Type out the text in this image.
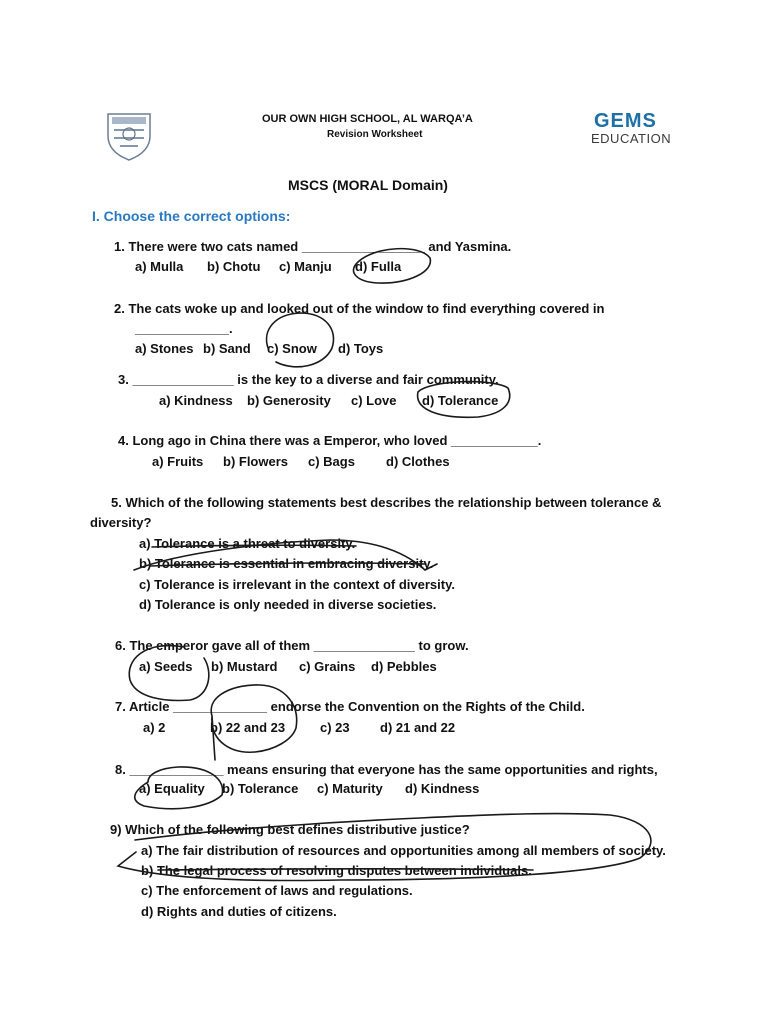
OUR OWN HIGH SCHOOL, AL WARQA’A
Revision Worksheet
GEMS
EDUCATION
MSCS (MORAL Domain)
I. Choose the correct options:
1. There were two cats named _________________ and Yasmina.
a) Mulla b) Chotu c) Manju d) Fulla
2. The cats woke up and looked out of the window to find everything covered in
_____________.
a) Stones b) Sand c) Snow d) Toys
3. ______________ is the key to a diverse and fair community.
a) Kindness b) Generosity c) Love d) Tolerance
4. Long ago in China there was a Emperor, who loved ____________.
a) Fruits b) Flowers c) Bags d) Clothes
5. Which of the following statements best describes the relationship between tolerance &
diversity?
a) Tolerance is a threat to diversity.
b) Tolerance is essential in embracing diversity.
c) Tolerance is irrelevant in the context of diversity.
d) Tolerance is only needed in diverse societies.
6. The emperor gave all of them ______________ to grow.
a) Seeds b) Mustard c) Grains d) Pebbles
7. Article _____________ endorse the Convention on the Rights of the Child.
a) 2	b) 22 and 23	c) 23 d) 21 and 22
8. _____________ means ensuring that everyone has the same opportunities and rights,
a) Equality b) Tolerance c) Maturity d) Kindness
9) Which of the following best defines distributive justice?
a) The fair distribution of resources and opportunities among all members of society.
b) The legal process of resolving disputes between individuals.
c) The enforcement of laws and regulations.
d) Rights and duties of citizens.
